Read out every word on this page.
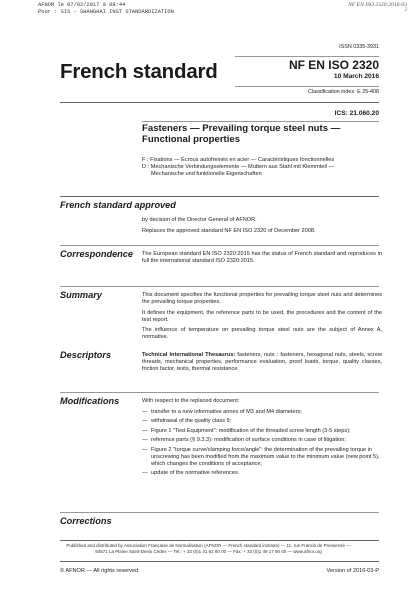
AFNOR le 07/02/2017 à 08:44
Pour : SIS - SHANGHAI INST STANDARDIZATION
NF EN ISO 2320:2016-03
2
ISSN 0335-3931
French standard	NF EN ISO 2320
10 March 2016
Classification index: E 25-408
ICS: 21.060.20
Fasteners — Prevailing torque steel nuts —
Functional properties
F : Fixations — Écrous autofreinés en acier — Caractéristiques fonctionnelles
D : Mechanische Verbindungselemente — Muttern aus Stahl mit Klemmteil —
Mechanische und funktionelle Eigenschaften
French standard approved
by decision of the Director General of AFNOR.
Replaces the approved standard NF EN ISO 2320 of December 2008.
Correspondence The European standard EN ISO 2320:2015 has the status of French standard and reproduces in full the international standard ISO 2320:2015.
Summary	This document specifies the functional properties for prevailing torque steel nuts and determines the prevailing torque properties.
It defines the equipment, the reference parts to be used, the procedures and the content of the test report.
The influence of temperature on prevailing torque steel nuts are the subject of Annex A, normative.
Descriptors	Technical International Thesaurus: fasteners, nuts : fasteners, hexagonal nuts, steels, screw threads, mechanical properties, performance evaluation, proof loads, torque, quality classes, friction factor, tests, thermal resistance.
Modifications	With respect to the replaced document:
— transfer to a new informative annex of M3 and M4 diameters;
— withdrawal of the quality class 9;
— Figure 1 "Test Equipment": modification of the threaded screw length (3-5 steps);
— reference parts (§ 9.3.3): modification of surface conditions in case of litigation;
— Figure 2 "torque curve/clamping force/angle": the determination of the prevailing torque in unscrewing has been modified from the maximum value to the minimum value (new point 5), which changes the conditions of acceptance;
— update of the normative references.
Corrections
Published and distributed by Association Française de Normalisation (AFNOR — French standard institute) — 11, rue Francis de Pressensé —
93571 La Plaine Saint-Denis Cedex — Tel.: + 33 (0)1 41 62 80 00 — Fax: + 33 (0)1 49 17 90 00 — www.afnor.org
© AFNOR — All rights reserved	Version of 2016-03-P
